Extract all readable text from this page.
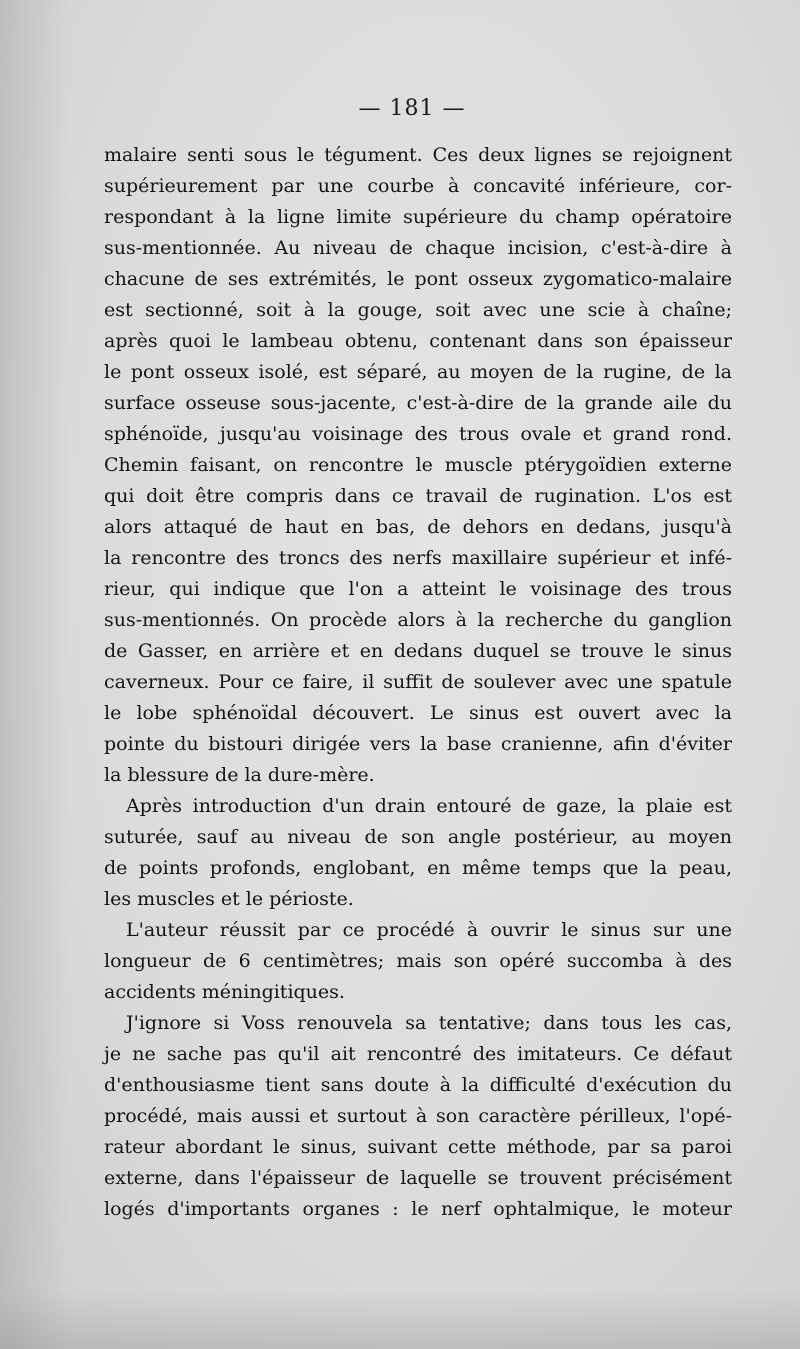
— 181 —
malaire senti sous le tégument. Ces deux lignes se rejoignent
supérieurement par une courbe à concavité inférieure, cor-
respondant à la ligne limite supérieure du champ opératoire
sus-mentionnée. Au niveau de chaque incision, c'est-à-dire à
chacune de ses extrémités, le pont osseux zygomatico-malaire
est sectionné, soit à la gouge, soit avec une scie à chaîne;
après quoi le lambeau obtenu, contenant dans son épaisseur
le pont osseux isolé, est séparé, au moyen de la rugine, de la
surface osseuse sous-jacente, c'est-à-dire de la grande aile du
sphénoïde, jusqu'au voisinage des trous ovale et grand rond.
Chemin faisant, on rencontre le muscle ptérygoïdien externe
qui doit être compris dans ce travail de rugination. L'os est
alors attaqué de haut en bas, de dehors en dedans, jusqu'à
la rencontre des troncs des nerfs maxillaire supérieur et infé-
rieur, qui indique que l'on a atteint le voisinage des trous
sus-mentionnés. On procède alors à la recherche du ganglion
de Gasser, en arrière et en dedans duquel se trouve le sinus
caverneux. Pour ce faire, il suffit de soulever avec une spatule
le lobe sphénoïdal découvert. Le sinus est ouvert avec la
pointe du bistouri dirigée vers la base cranienne, afin d'éviter
la blessure de la dure-mère.
Après introduction d'un drain entouré de gaze, la plaie est
suturée, sauf au niveau de son angle postérieur, au moyen
de points profonds, englobant, en même temps que la peau,
les muscles et le périoste.
L'auteur réussit par ce procédé à ouvrir le sinus sur une
longueur de 6 centimètres; mais son opéré succomba à des
accidents méningitiques.
J'ignore si Voss renouvela sa tentative; dans tous les cas,
je ne sache pas qu'il ait rencontré des imitateurs. Ce défaut
d'enthousiasme tient sans doute à la difficulté d'exécution du
procédé, mais aussi et surtout à son caractère périlleux, l'opé-
rateur abordant le sinus, suivant cette méthode, par sa paroi
externe, dans l'épaisseur de laquelle se trouvent précisément
logés d'importants organes : le nerf ophtalmique, le moteur
